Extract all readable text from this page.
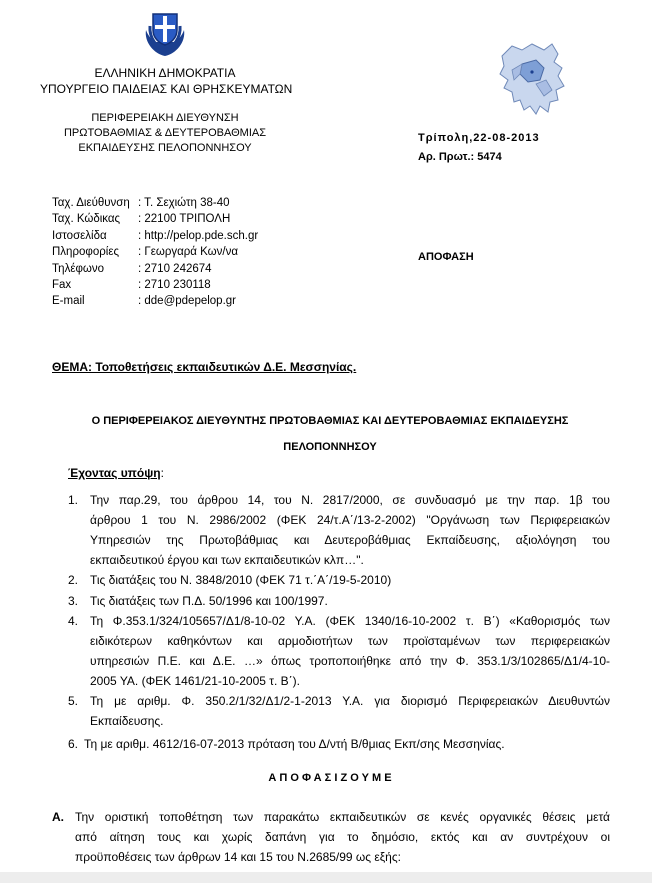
ΕΛΛΗΝΙΚΗ ΔΗΜΟΚΡΑΤΙΑ
ΥΠΟΥΡΓΕΙΟ ΠΑΙΔΕΙΑΣ ΚΑΙ ΘΡΗΣΚΕΥΜΑΤΩΝ
ΠΕΡΙΦΕΡΕΙΑΚΗ ΔΙΕΥΘΥΝΣΗ
ΠΡΩΤΟΒΑΘΜΙΑΣ & ΔΕΥΤΕΡΟΒΑΘΜΙΑΣ
ΕΚΠΑΙΔΕΥΣΗΣ ΠΕΛΟΠΟΝΝΗΣΟΥ
Τρίπολη,22-08-2013
Αρ. Πρωτ.: 5474
ΑΠΟΦΑΣΗ
Ταχ. Διεύθυνση : Τ. Σεχιώτη 38-40
Ταχ. Κώδικας : 22100 ΤΡΙΠΟΛΗ
Ιστοσελίδα	: http://pelop.pde.sch.gr
Πληροφορίες : Γεωργαρά Κων/να
Τηλέφωνο	: 2710 242674
Fax	: 2710 230118
E-mail	: dde@pdepelop.gr
ΘΕΜΑ: Τοποθετήσεις εκπαιδευτικών Δ.Ε. Μεσσηνίας.
Ο ΠΕΡΙΦΕΡΕΙΑΚΟΣ ΔΙΕΥΘΥΝΤΗΣ ΠΡΩΤΟΒΑΘΜΙΑΣ ΚΑΙ ΔΕΥΤΕΡΟΒΑΘΜΙΑΣ ΕΚΠΑΙΔΕΥΣΗΣ
ΠΕΛΟΠΟΝΝΗΣΟΥ
Έχοντας υπόψη:
1. Την παρ.29, του άρθρου 14, του Ν. 2817/2000, σε συνδυασμό με την παρ. 1β του
άρθρου 1 του Ν. 2986/2002 (ΦΕΚ 24/τ.Α΄/13-2-2002) "Οργάνωση των Περιφερειακών
Υπηρεσιών της Πρωτοβάθμιας και Δευτεροβάθμιας Εκπαίδευσης, αξιολόγηση του
εκπαιδευτικού έργου και των εκπαιδευτικών κλπ…".
2. Τις διατάξεις του Ν. 3848/2010 (ΦΕΚ 71 τ.΄Α΄/19-5-2010)
3. Τις διατάξεις των Π.Δ. 50/1996 και 100/1997.
4. Τη Φ.353.1/324/105657/Δ1/8-10-02 Υ.Α. (ΦΕΚ 1340/16-10-2002 τ. Β΄) «Καθορισμός των
ειδικότερων καθηκόντων και αρμοδιοτήτων των προϊσταμένων των περιφερειακών
υπηρεσιών Π.Ε. και Δ.Ε. …» όπως τροποποιήθηκε από την Φ. 353.1/3/102865/Δ1/4-10-
2005 ΥΑ. (ΦΕΚ 1461/21-10-2005 τ. Β΄).
5. Τη με αριθμ. Φ. 350.2/1/32/Δ1/2-1-2013 Υ.Α. για διορισμό Περιφερειακών Διευθυντών
Εκπαίδευσης.
6. Τη με αριθμ. 4612/16-07-2013 πρόταση του Δ/ντή Β/θμιας Εκπ/σης Μεσσηνίας.
Α Π Ο Φ Α Σ Ι Ζ Ο Υ Μ Ε
Α. Την οριστική τοποθέτηση των παρακάτω εκπαιδευτικών σε κενές οργανικές θέσεις μετά
από αίτηση τους και χωρίς δαπάνη για το δημόσιο, εκτός και αν συντρέχουν οι
προϋποθέσεις των άρθρων 14 και 15 του Ν.2685/99 ως εξής:
